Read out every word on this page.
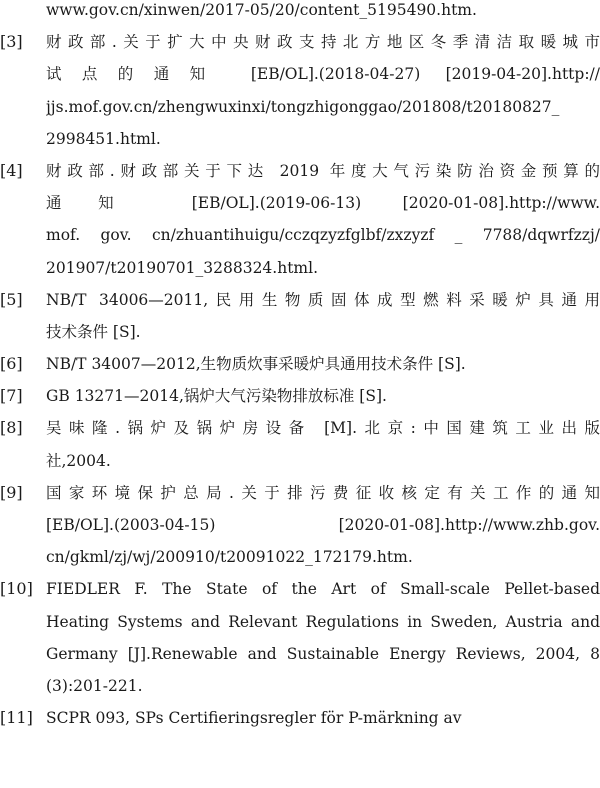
www.gov.cn/xinwen/2017-05/20/content_5195490.htm.
[3] 财政部.关于扩大中央财政支持北方地区冬季清洁取暖城市
试点的通知 [EB/OL].(2018-04-27) [2019-04-20].http://
jjs.mof.gov.cn/zhengwuxinxi/tongzhigonggao/201808/t20180827_
2998451.html.
[4] 财政部.财政部关于下达 2019 年度大气污染防治资金预算的
通知 [EB/OL].(2019-06-13) [2020-01-08].http://www.
mof. gov. cn/zhuantihuigu/cczqzyzfglbf/zxzyzf _ 7788/dqwrfzzj/
201907/t20190701_3288324.html.
[5] NB/T 34006—2011,民用生物质固体成型燃料采暖炉具通用
技术条件 [S].
[6] NB/T 34007—2012,生物质炊事采暖炉具通用技术条件 [S].
[7] GB 13271—2014,锅炉大气污染物排放标准 [S].
[8] 吴味隆.锅炉及锅炉房设备 [M].北京:中国建筑工业出版
社,2004.
[9] 国家环境保护总局.关于排污费征收核定有关工作的通知
[EB/OL].(2003-04-15) [2020-01-08].http://www.zhb.gov.
cn/gkml/zj/wj/200910/t20091022_172179.htm.
[10] FIEDLER F. The State of the Art of Small-scale Pellet-based
Heating Systems and Relevant Regulations in Sweden, Austria and
Germany [J].Renewable and Sustainable Energy Reviews, 2004, 8
(3):201-221.
[11] SCPR 093, SPs Certifieringsregler för P-märkning av
